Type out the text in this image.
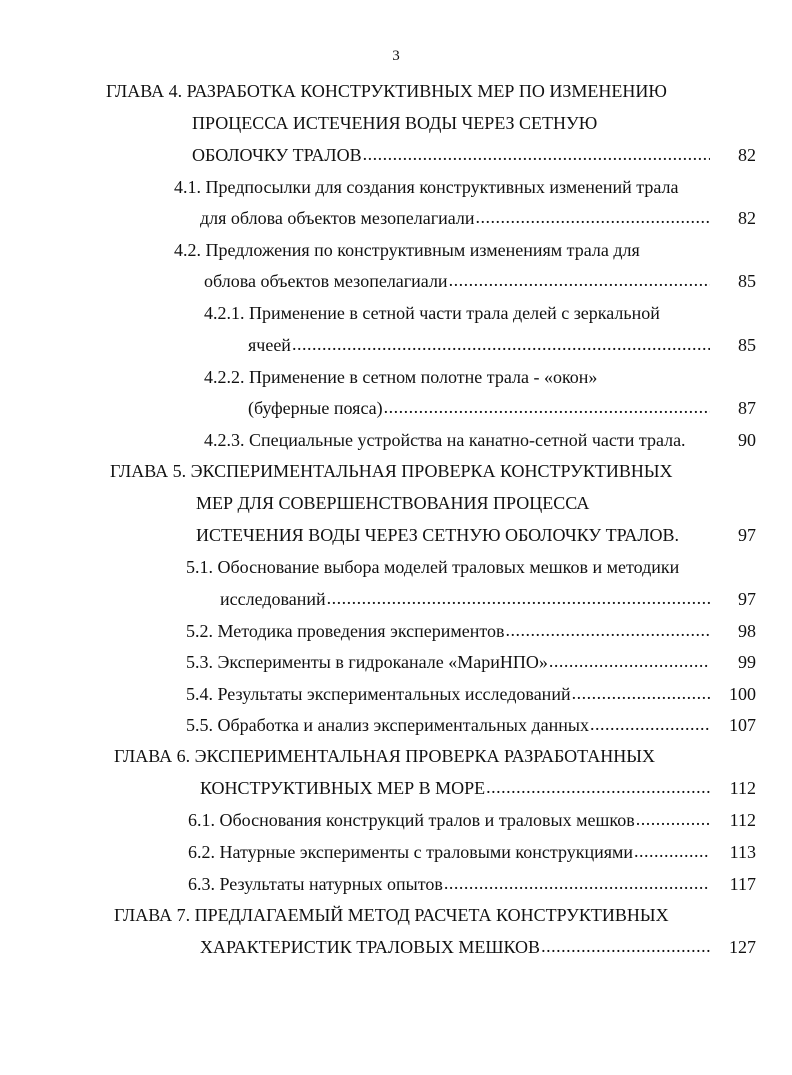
3
ГЛАВА 4. РАЗРАБОТКА КОНСТРУКТИВНЫХ МЕР ПО ИЗМЕНЕНИЮ
ПРОЦЕССА ИСТЕЧЕНИЯ ВОДЫ ЧЕРЕЗ СЕТНУЮ
ОБОЛОЧКУ ТРАЛОВ .....	82
4.1. Предпосылки для создания конструктивных изменений трала
для облова объектов мезопелагиали .....	82
4.2. Предложения по конструктивным изменениям трала для
облова объектов мезопелагиали .....	85
4.2.1. Применение в сетной части трала делей с зеркальной
ячеей .....	85
4.2.2. Применение в сетном полотне трала - «окон»
(буферные пояса) .....	87
4.2.3. Специальные устройства на канатно-сетной части трала.	90
ГЛАВА 5. ЭКСПЕРИМЕНТАЛЬНАЯ ПРОВЕРКА КОНСТРУКТИВНЫХ
МЕР ДЛЯ СОВЕРШЕНСТВОВАНИЯ ПРОЦЕССА
ИСТЕЧЕНИЯ ВОДЫ ЧЕРЕЗ СЕТНУЮ ОБОЛОЧКУ ТРАЛОВ.	97
5.1. Обоснование выбора моделей траловых мешков и методики
исследований .....	97
5.2. Методика проведения экспериментов .....	98
5.3. Эксперименты в гидроканале «МариНПО» .....	99
5.4. Результаты экспериментальных исследований .....	100
5.5. Обработка и анализ экспериментальных данных .....	107
ГЛАВА 6. ЭКСПЕРИМЕНТАЛЬНАЯ ПРОВЕРКА РАЗРАБОТАННЫХ
КОНСТРУКТИВНЫХ МЕР В МОРЕ .....	112
6.1. Обоснования конструкций тралов и траловых мешков .....	112
6.2. Натурные эксперименты с траловыми конструкциями .....	113
6.3. Результаты натурных опытов .....	117
ГЛАВА 7. ПРЕДЛАГАЕМЫЙ МЕТОД РАСЧЕТА КОНСТРУКТИВНЫХ
ХАРАКТЕРИСТИК ТРАЛОВЫХ МЕШКОВ .....	127
